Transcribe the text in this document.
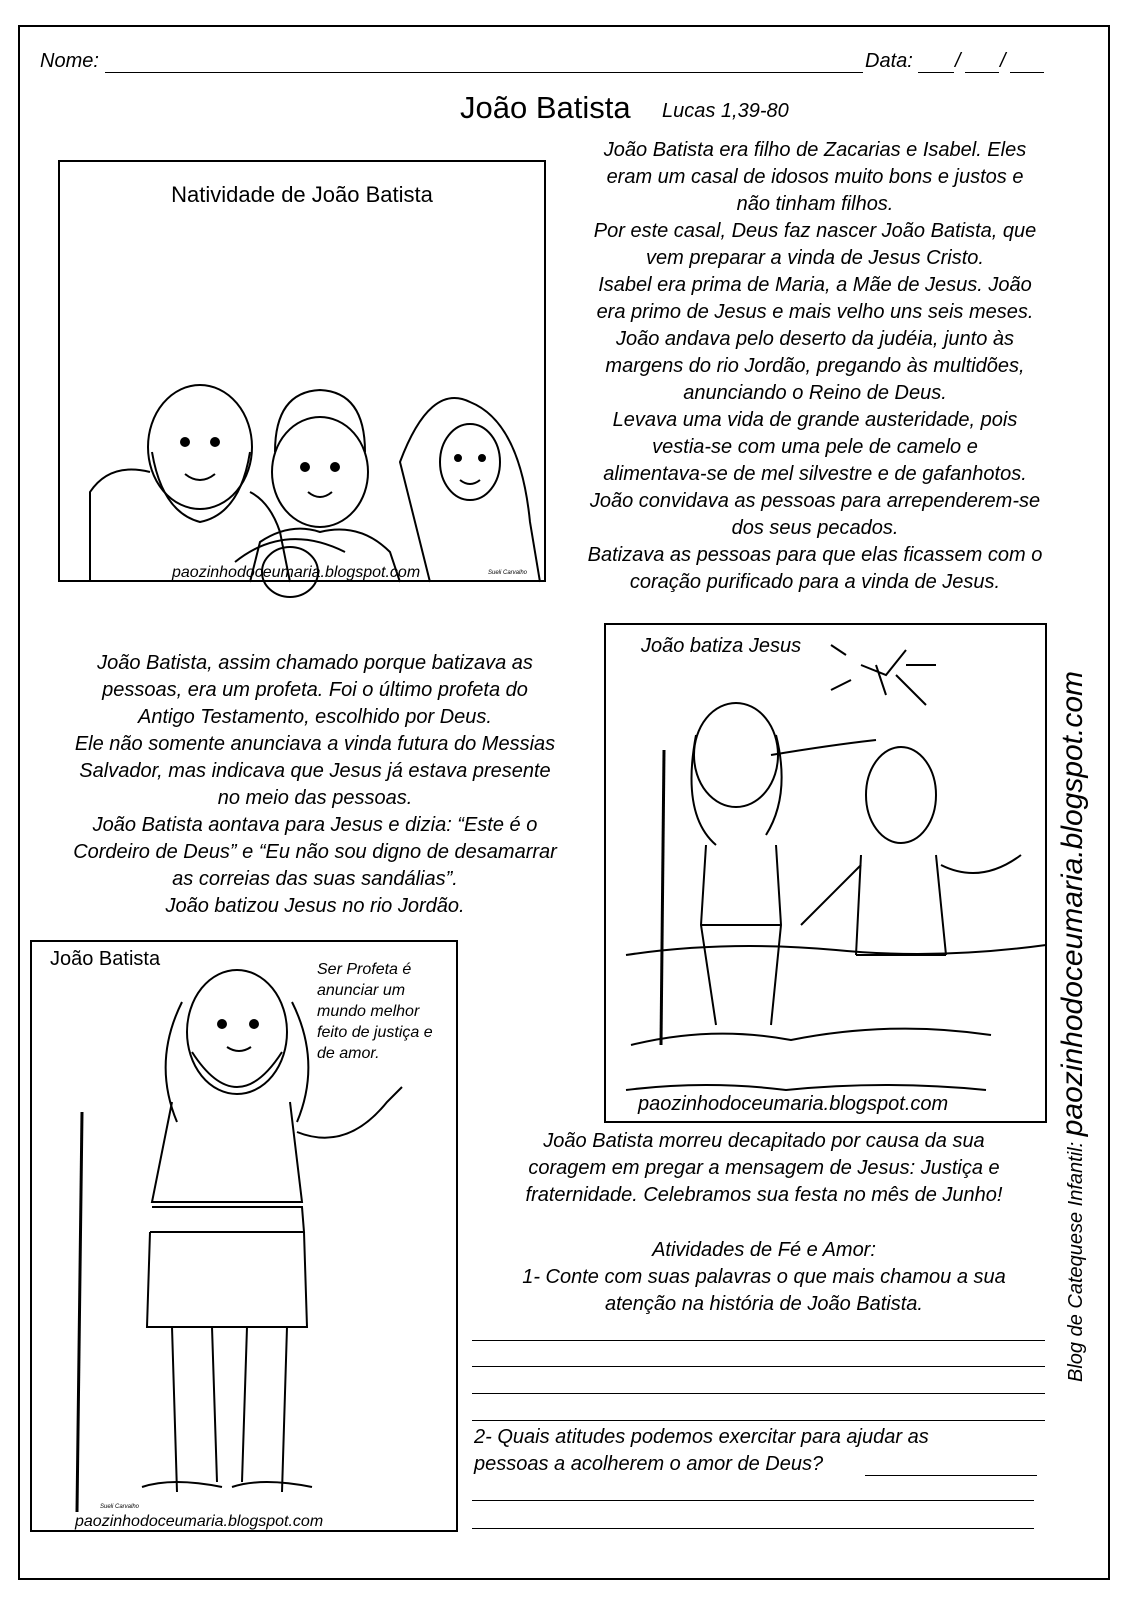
Nome:	Data: / /
João Batista Lucas 1,39-80
Natividade de João Batista
paozinhodoceumaria.blogspot.com	Sueli Carvalho
João Batista era filho de Zacarias e Isabel. Eles
eram um casal de idosos muito bons e justos e
não tinham filhos.
Por este casal, Deus faz nascer João Batista, que
vem preparar a vinda de Jesus Cristo.
Isabel era prima de Maria, a Mãe de Jesus. João
era primo de Jesus e mais velho uns seis meses.
João andava pelo deserto da judéia, junto às
margens do rio Jordão, pregando às multidões,
anunciando o Reino de Deus.
Levava uma vida de grande austeridade, pois
vestia-se com uma pele de camelo e
alimentava-se de mel silvestre e de gafanhotos.
João convidava as pessoas para arrependerem-se
dos seus pecados.
Batizava as pessoas para que elas ficassem com o
coração purificado para a vinda de Jesus.
João Batista, assim chamado porque batizava as
pessoas, era um profeta. Foi o último profeta do
Antigo Testamento, escolhido por Deus.
Ele não somente anunciava a vinda futura do Messias
Salvador, mas indicava que Jesus já estava presente
no meio das pessoas.
João Batista aontava para Jesus e dizia: “Este é o
Cordeiro de Deus” e “Eu não sou digno de desamarrar
as correias das suas sandálias”.
João batizou Jesus no rio Jordão.
João batiza Jesus
paozinhodoceumaria.blogspot.com
João Batista	Ser Profeta é
anunciar um
mundo melhor
feito de justiça e
de amor.
Sueli Carvalho
paozinhodoceumaria.blogspot.com
João Batista morreu decapitado por causa da sua
coragem em pregar a mensagem de Jesus: Justiça e
fraternidade. Celebramos sua festa no mês de Junho!
Atividades de Fé e Amor:
1- Conte com suas palavras o que mais chamou a sua
atenção na história de João Batista.
2- Quais atitudes podemos exercitar para ajudar as
pessoas a acolherem o amor de Deus?
Blog de Catequese Infantil: paozinhodoceumaria.blogspot.com
